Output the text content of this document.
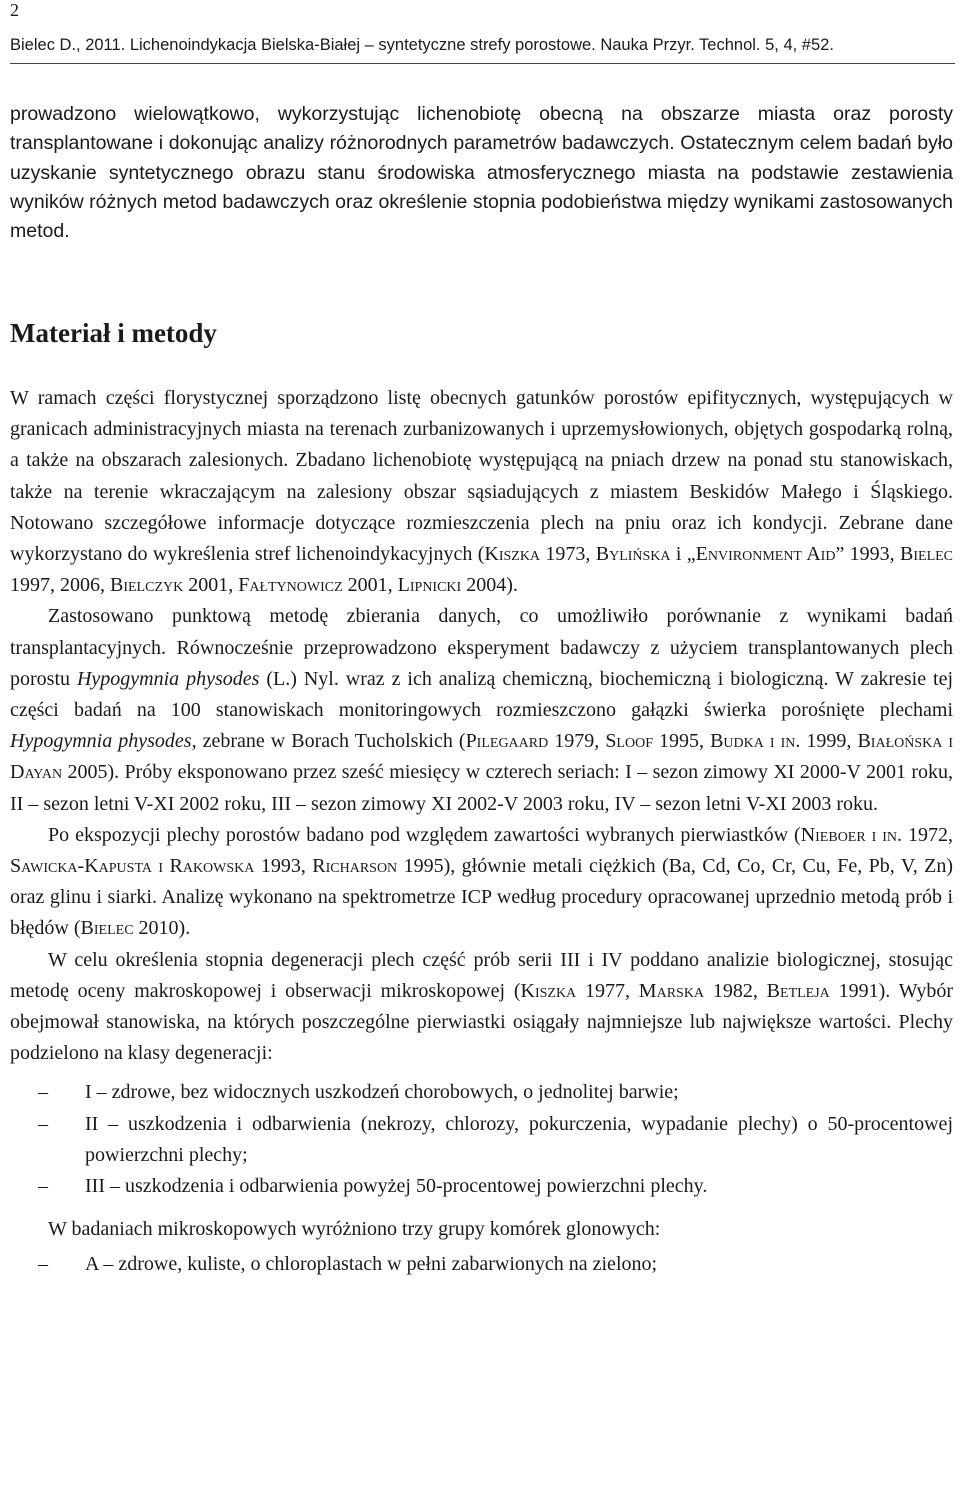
2
Bielec D., 2011. Lichenoindykacja Bielska-Białej – syntetyczne strefy porostowe. Nauka Przyr. Technol. 5, 4, #52.

prowadzono wielowątkowo, wykorzystując lichenobiotę obecną na obszarze miasta oraz porosty transplantowane i dokonując analizy różnorodnych parametrów badawczych. Ostatecznym celem badań było uzyskanie syntetycznego obrazu stanu środowiska atmosferycznego miasta na podstawie zestawienia wyników różnych metod badawczych oraz określenie stopnia podobieństwa między wynikami zastosowanych metod.

Materiał i metody

W ramach części florystycznej sporządzono listę obecnych gatunków porostów epifitycznych, występujących w granicach administracyjnych miasta na terenach zurbanizowanych i uprzemysłowionych, objętych gospodarką rolną, a także na obszarach zalesionych. Zbadano lichenobiotę występującą na pniach drzew na ponad stu stanowiskach, także na terenie wkraczającym na zalesiony obszar sąsiadujących z miastem Beskidów Małego i Śląskiego. Notowano szczegółowe informacje dotyczące rozmieszczenia plech na pniu oraz ich kondycji. Zebrane dane wykorzystano do wykreślenia stref lichenoindykacyjnych (Kiszka 1973, Bylińska i „Environment Aid” 1993, Bielec 1997, 2006, Bielczyk 2001, Fałtynowicz 2001, Lipnicki 2004).

Zastosowano punktową metodę zbierania danych, co umożliwiło porównanie z wynikami badań transplantacyjnych. Równocześnie przeprowadzono eksperyment badawczy z użyciem transplantowanych plech porostu Hypogymnia physodes (L.) Nyl. wraz z ich analizą chemiczną, biochemiczną i biologiczną. W zakresie tej części badań na 100 stanowiskach monitoringowych rozmieszczono gałązki świerka porośnięte plechami Hypogymnia physodes, zebrane w Borach Tucholskich (Pilegaard 1979, Sloof 1995, Budka i in. 1999, Białońska i Dayan 2005). Próby eksponowano przez sześć miesięcy w czterech seriach: I – sezon zimowy XI 2000-V 2001 roku, II – sezon letni V-XI 2002 roku, III – sezon zimowy XI 2002-V 2003 roku, IV – sezon letni V-XI 2003 roku.

Po ekspozycji plechy porostów badano pod względem zawartości wybranych pierwiastków (Nieboer i in. 1972, Sawicka-Kapusta i Rakowska 1993, Richarson 1995), głównie metali ciężkich (Ba, Cd, Co, Cr, Cu, Fe, Pb, V, Zn) oraz glinu i siarki. Analizę wykonano na spektrometrze ICP według procedury opracowanej uprzednio metodą prób i błędów (Bielec 2010).

W celu określenia stopnia degeneracji plech część prób serii III i IV poddano analizie biologicznej, stosując metodę oceny makroskopowej i obserwacji mikroskopowej (Kiszka 1977, Marska 1982, Betleja 1991). Wybór obejmował stanowiska, na których poszczególne pierwiastki osiągały najmniejsze lub największe wartości. Plechy podzielono na klasy degeneracji:

– I – zdrowe, bez widocznych uszkodzeń chorobowych, o jednolitej barwie;
– II – uszkodzenia i odbarwienia (nekrozy, chlorozy, pokurczenia, wypadanie plechy) o 50-procentowej powierzchni plechy;
– III – uszkodzenia i odbarwienia powyżej 50-procentowej powierzchni plechy.

W badaniach mikroskopowych wyróżniono trzy grupy komórek glonowych:

– A – zdrowe, kuliste, o chloroplastach w pełni zabarwionych na zielono;
